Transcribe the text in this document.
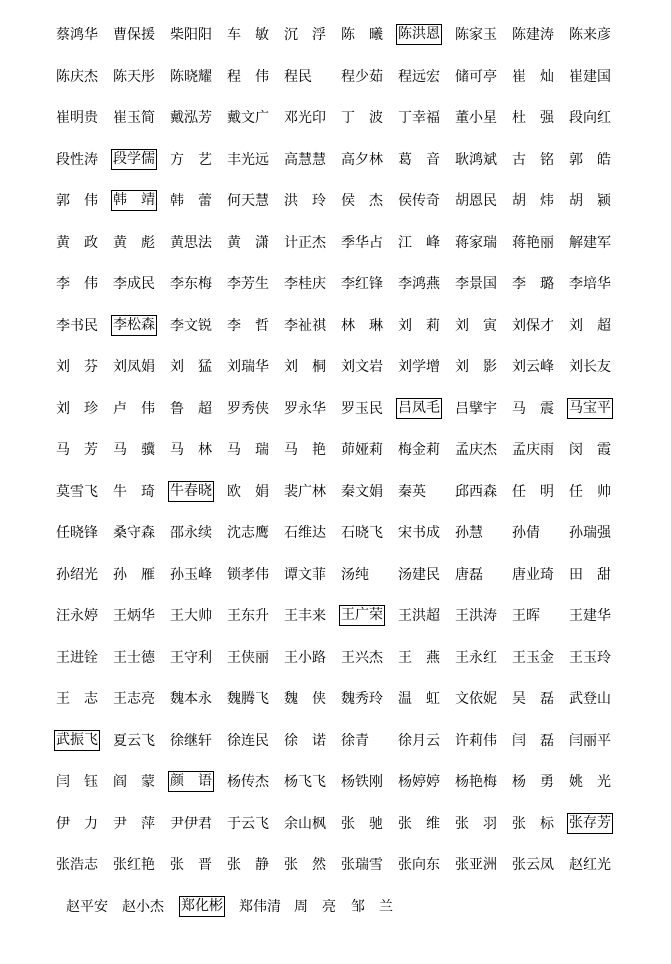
蔡鸿华 曹保援 柴阳阳 车　敏 沉　浮 陈　曦 陈洪恩 陈家玉 陈建涛 陈来彦
陈庆杰 陈天彤 陈晓耀 程　伟 程民 程少茹 程远宏 储可亭 崔　灿 崔建国
崔明贵 崔玉简 戴泓芳 戴文广 邓光印 丁　波 丁幸福 董小星 杜　强 段向红
段性涛 段学儒 方　艺 丰光远 高慧慧 高夕林 葛　音 耿鸿斌 古　铭 郭　皓
郭　伟 韩　靖 韩　蕾 何天慧 洪　玲 侯　杰 侯传奇 胡恩民 胡　炜 胡　颍
黄　政 黄　彪 黄思法 黄　潇 计正杰 季华占 江　峰 蒋家瑞 蒋艳丽 解建军
李　伟 李成民 李东梅 李芳生 李桂庆 李红锋 李鸿燕 李景国 李　璐 李培华
李书民 李松森 李文锐 李　哲 李祉祺 林　琳 刘　莉 刘　寅 刘保才 刘　超
刘　芬 刘凤娟 刘　猛 刘瑞华 刘　桐 刘文岩 刘学增 刘　影 刘云峰 刘长友
刘　珍 卢　伟 鲁　超 罗秀侠 罗永华 罗玉民 吕凤毛 吕擘宇 马　震 马宝平
马　芳 马　骥 马　林 马　瑞 马　艳 茆娅莉 梅金莉 孟庆杰 孟庆雨 闵　霞
莫雪飞 牛　琦 牛春晓 欧　娟 裴广林 秦文娟 秦英 邱西森 任　明 任　帅
任晓锋 桑守森 邵永续 沈志鹰 石维达 石晓飞 宋书成 孙慧 孙倩 孙瑞强
孙绍光 孙　雁 孙玉峰 锁孝伟 谭文菲 汤纯 汤建民 唐磊 唐业琦 田　甜
汪永婷 王炳华 王大帅 王东升 王丰来 王广荣 王洪超 王洪涛 王晖 王建华
王进铨 王士德 王守利 王侠丽 王小路 王兴杰 王　燕 王永红 王玉金 王玉玲
王　志 王志亮 魏本永 魏腾飞 魏　侠 魏秀玲 温　虹 文依妮 吴　磊 武登山
武振飞 夏云飞 徐继轩 徐连民 徐　诺 徐青 徐月云 许莉伟 闫　磊 闫丽平
闫　钰 阎　蒙 颜　语 杨传杰 杨飞飞 杨铁刚 杨婷婷 杨艳梅 杨　勇 姚　光
伊　力 尹　萍 尹伊君 于云飞 余山枫 张　驰 张　维 张　羽 张　标 张存芳
张浩志 张红艳 张　晋 张　静 张　然 张瑞雪 张向东 张亚洲 张云凤 赵红光
赵平安 赵小杰 郑化彬 郑伟清 周　亮 邹　兰
